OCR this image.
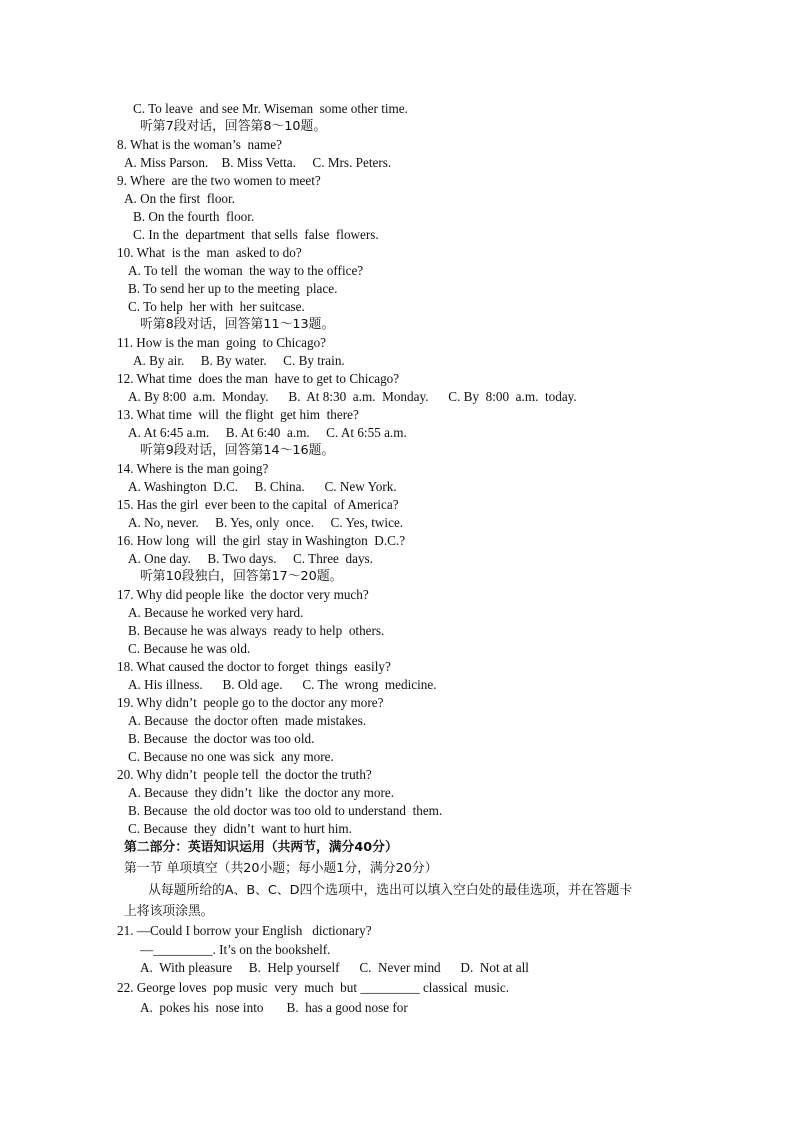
C. To leave  and see Mr. Wiseman  some other time.
听第7段对话，回答第8～10题。
8. What is the woman’s  name?
A. Miss Parson.    B. Miss Vetta.     C. Mrs. Peters.
9. Where  are the two women to meet?
A. On the first  floor.
B. On the fourth  floor.
C. In the  department  that sells  false  flowers.
10. What  is the  man  asked to do?
A. To tell  the woman  the way to the office?
B. To send her up to the meeting  place.
C. To help  her with  her suitcase.
听第8段对话，回答第11～13题。
11. How is the man  going  to Chicago?
A. By air.     B. By water.     C. By train.
12. What time  does the man  have to get to Chicago?
A. By 8:00  a.m.  Monday.      B.  At 8:30  a.m.  Monday.      C. By  8:00  a.m.  today.
13. What time  will  the flight  get him  there?
A. At 6:45 a.m.     B. At 6:40  a.m.     C. At 6:55 a.m.
听第9段对话，回答第14～16题。
14. Where is the man going?
A. Washington  D.C.     B. China.      C. New York.
15. Has the girl  ever been to the capital  of America?
A. No, never.     B. Yes, only  once.     C. Yes, twice.
16. How long  will  the girl  stay in Washington  D.C.?
A. One day.     B. Two days.     C. Three  days.
听第10段独白，回答第17～20题。
17. Why did people like  the doctor very much?
A. Because he worked very hard.
B. Because he was always  ready to help  others.
C. Because he was old.
18. What caused the doctor to forget  things  easily?
A. His illness.      B. Old age.      C. The  wrong  medicine.
19. Why didn’t  people go to the doctor any more?
A. Because  the doctor often  made mistakes.
B. Because  the doctor was too old.
C. Because no one was sick  any more.
20. Why didn’t  people tell  the doctor the truth?
A. Because  they didn’t  like  the doctor any more.
B. Because  the old doctor was too old to understand  them.
C. Because  they  didn’t  want to hurt him.
第二部分：英语知识运用（共两节，满分40分）
第一节 单项填空（共20小题；每小题1分，满分20分）
从每题所给的A、B、C、D四个选项中，选出可以填入空白处的最佳选项，并在答题卡
上将该项涂黑。
21. —Could I borrow your English   dictionary?
—_________. It’s on the bookshelf.
A.  With pleasure     B.  Help yourself      C.  Never mind      D.  Not at all
22. George loves  pop music  very  much  but _________ classical  music.
A.  pokes his  nose into       B.  has a good nose for
